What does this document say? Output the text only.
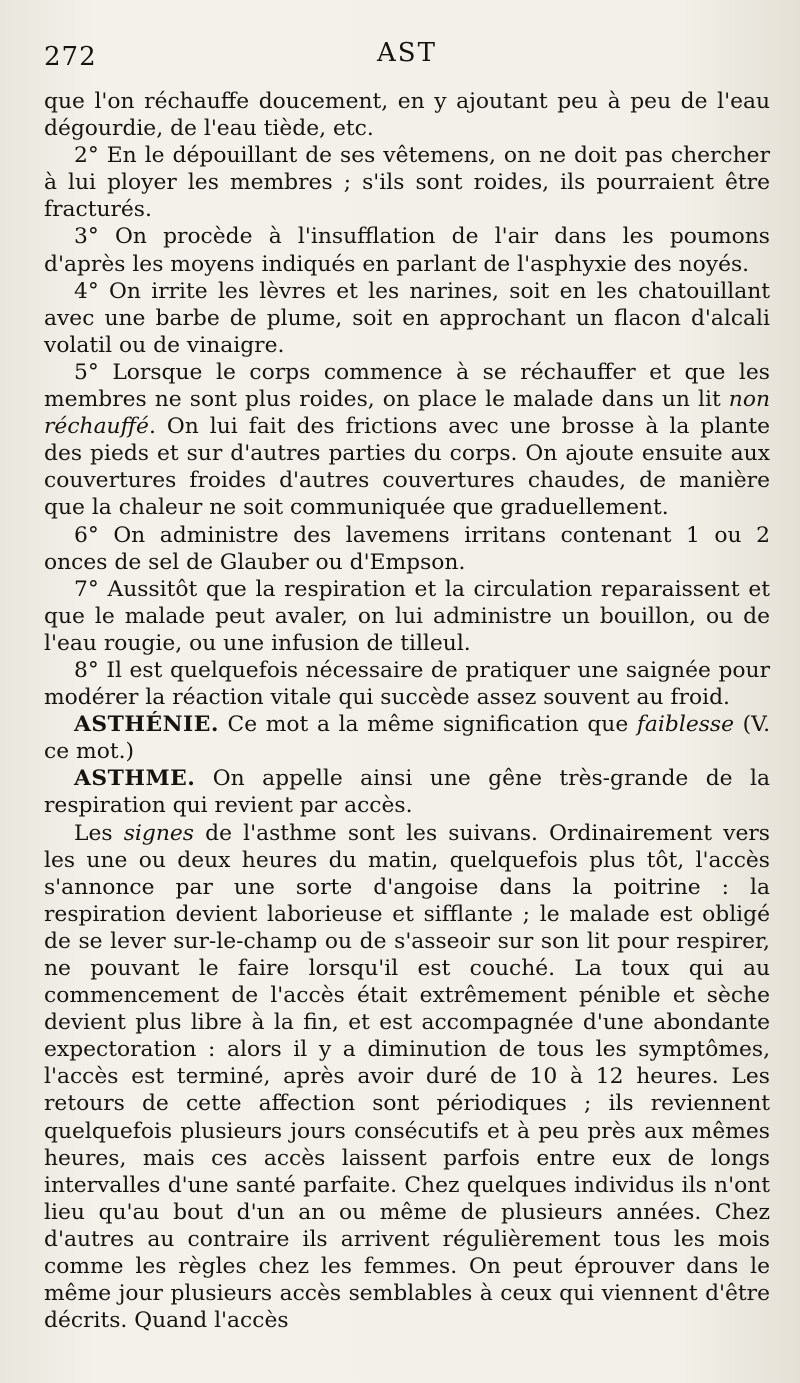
272	AST

que l'on réchauffe doucement, en y ajoutant peu à peu de l'eau dégourdie, de l'eau tiède, etc.

2° En le dépouillant de ses vêtemens, on ne doit pas chercher à lui ployer les membres ; s'ils sont roides, ils pourraient être fracturés.

3° On procède à l'insufflation de l'air dans les poumons d'après les moyens indiqués en parlant de l'asphyxie des noyés.

4° On irrite les lèvres et les narines, soit en les chatouillant avec une barbe de plume, soit en approchant un flacon d'alcali volatil ou de vinaigre.

5° Lorsque le corps commence à se réchauffer et que les membres ne sont plus roides, on place le malade dans un lit non réchauffé. On lui fait des frictions avec une brosse à la plante des pieds et sur d'autres parties du corps. On ajoute ensuite aux couvertures froides d'autres couvertures chaudes, de manière que la chaleur ne soit communiquée que graduellement.

6° On administre des lavemens irritans contenant 1 ou 2 onces de sel de Glauber ou d'Empson.

7° Aussitôt que la respiration et la circulation reparaissent et que le malade peut avaler, on lui administre un bouillon, ou de l'eau rougie, ou une infusion de tilleul.

8° Il est quelquefois nécessaire de pratiquer une saignée pour modérer la réaction vitale qui succède assez souvent au froid.

ASTHÉNIE. Ce mot a la même signification que faiblesse (V. ce mot.)

ASTHME. On appelle ainsi une gêne très-grande de la respiration qui revient par accès.

Les signes de l'asthme sont les suivans. Ordinairement vers les une ou deux heures du matin, quelquefois plus tôt, l'accès s'annonce par une sorte d'angoise dans la poitrine : la respiration devient laborieuse et sifflante ; le malade est obligé de se lever sur-le-champ ou de s'asseoir sur son lit pour respirer, ne pouvant le faire lorsqu'il est couché. La toux qui au commencement de l'accès était extrêmement pénible et sèche devient plus libre à la fin, et est accompagnée d'une abondante expectoration : alors il y a diminution de tous les symptômes, l'accès est terminé, après avoir duré de 10 à 12 heures. Les retours de cette affection sont périodiques ; ils reviennent quelquefois plusieurs jours consécutifs et à peu près aux mêmes heures, mais ces accès laissent parfois entre eux de longs intervalles d'une santé parfaite. Chez quelques individus ils n'ont lieu qu'au bout d'un an ou même de plusieurs années. Chez d'autres au contraire ils arrivent régulièrement tous les mois comme les règles chez les femmes. On peut éprouver dans le même jour plusieurs accès semblables à ceux qui viennent d'être décrits. Quand l'accès
